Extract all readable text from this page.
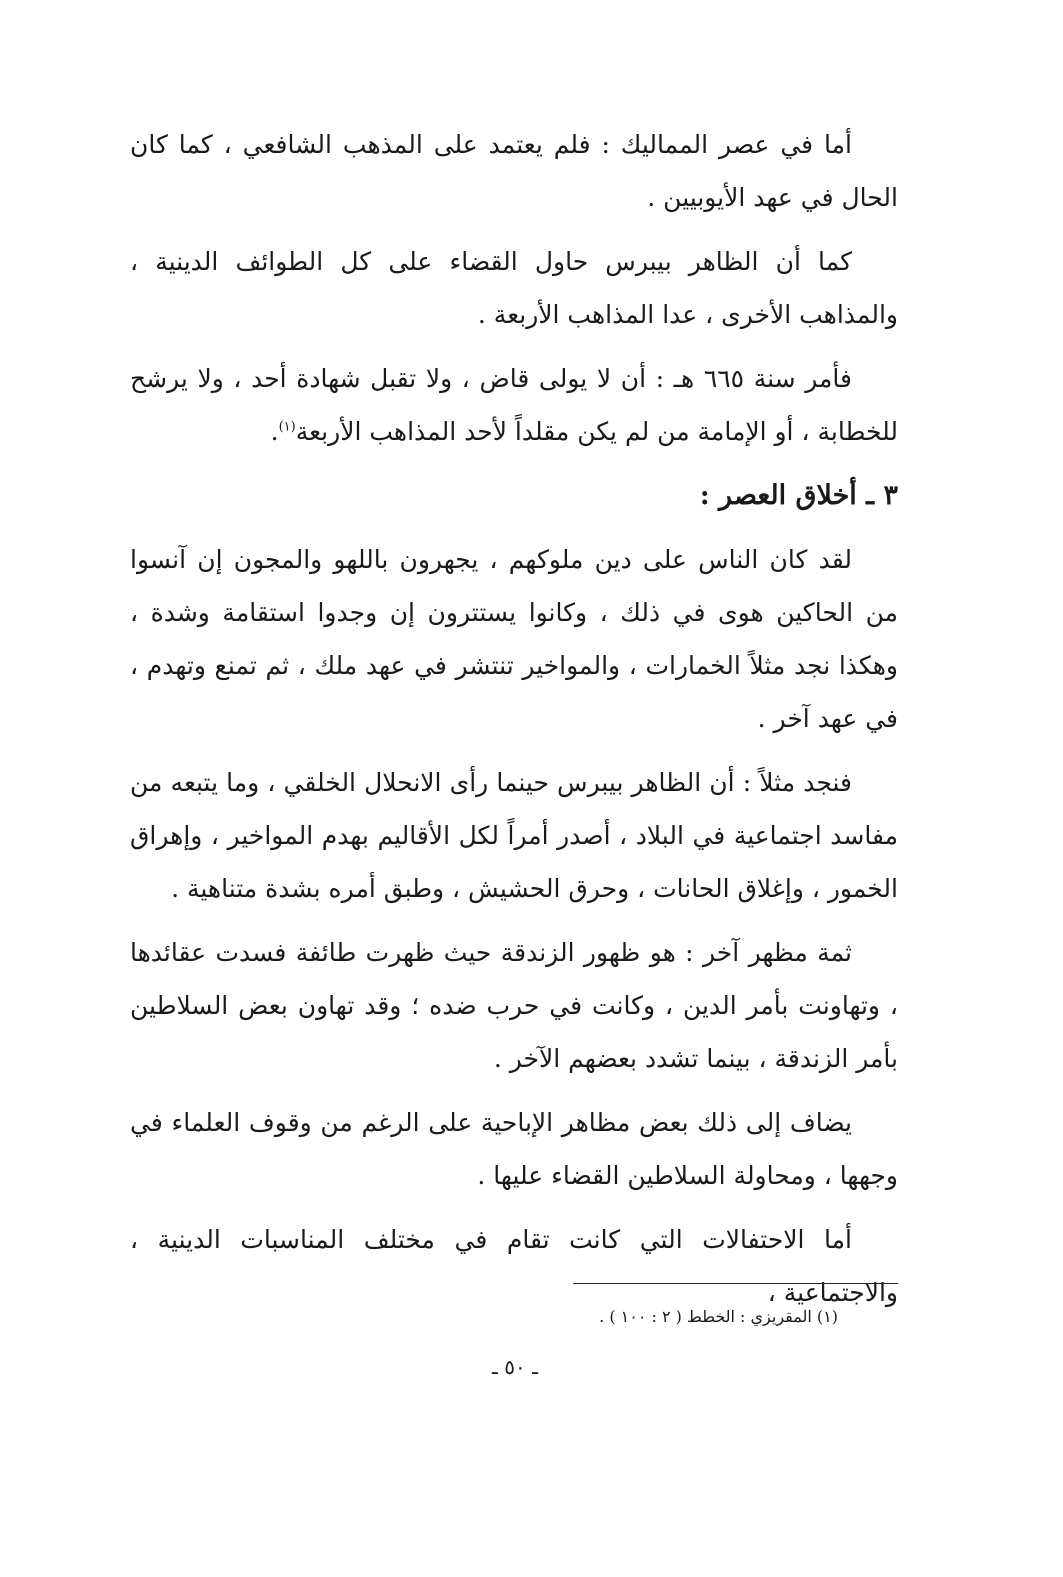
أما في عصر المماليك : فلم يعتمد على المذهب الشافعي ، كما كان الحال في عهد الأيوبيين .

كما أن الظاهر بيبرس حاول القضاء على كل الطوائف الدينية ، والمذاهب الأخرى ، عدا المذاهب الأربعة .

فأمر سنة ٦٦٥ هـ : أن لا يولى قاض ، ولا تقبل شهادة أحد ، ولا يرشح للخطابة ، أو الإمامة من لم يكن مقلداً لأحد المذاهب الأربعة$^{(١)}$.

٣ ـ أخلاق العصر :

لقد كان الناس على دين ملوكهم ، يجهرون باللهو والمجون إن آنسوا من الحاكين هوى في ذلك ، وكانوا يستترون إن وجدوا استقامة وشدة ، وهكذا نجد مثلاً الخمارات ، والمواخير تنتشر في عهد ملك ، ثم تمنع وتهدم ، في عهد آخر .

فنجد مثلاً : أن الظاهر بيبرس حينما رأى الانحلال الخلقي ، وما يتبعه من مفاسد اجتماعية في البلاد ، أصدر أمراً لكل الأقاليم بهدم المواخير ، وإهراق الخمور ، وإغلاق الحانات ، وحرق الحشيش ، وطبق أمره بشدة متناهية .

ثمة مظهر آخر : هو ظهور الزندقة حيث ظهرت طائفة فسدت عقائدها ، وتهاونت بأمر الدين ، وكانت في حرب ضده ؛ وقد تهاون بعض السلاطين بأمر الزندقة ، بينما تشدد بعضهم الآخر .

يضاف إلى ذلك بعض مظاهر الإباحية على الرغم من وقوف العلماء في وجهها ، ومحاولة السلاطين القضاء عليها .

أما الاحتفالات التي كانت تقام في مختلف المناسبات الدينية ، والاجتماعية ،

(١) المقريزي : الخطط ( ٢ : ١٠٠ ) .
ـ ٥٠ ـ
